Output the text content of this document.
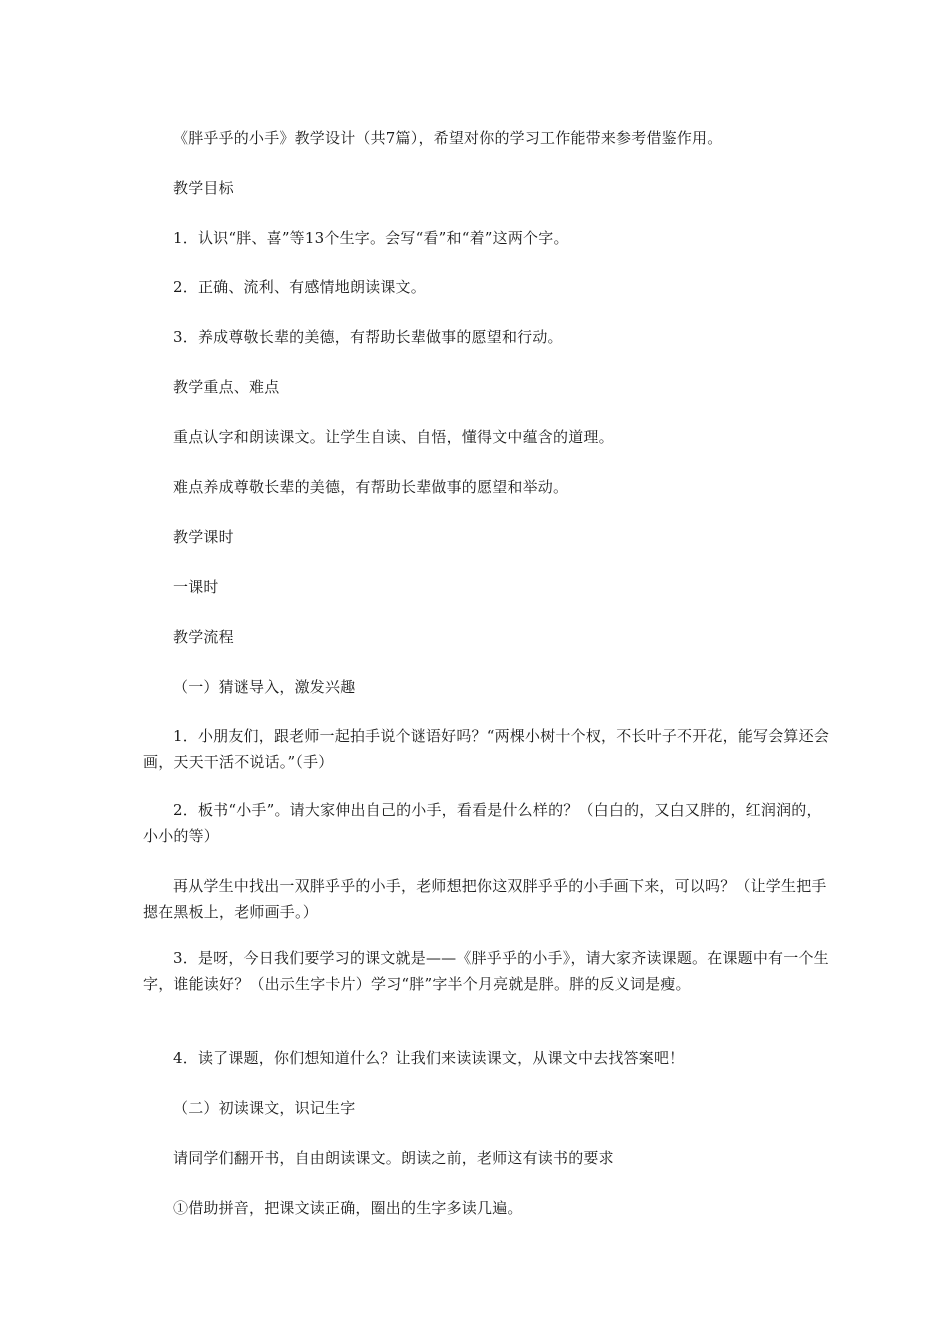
《胖乎乎的小手》教学设计（共7篇），希望对你的学习工作能带来参考借鉴作用。

教学目标

1．认识“胖、喜”等13个生字。会写“看”和“着”这两个字。

2．正确、流利、有感情地朗读课文。

3．养成尊敬长辈的美德，有帮助长辈做事的愿望和行动。

教学重点、难点

重点认字和朗读课文。让学生自读、自悟，懂得文中蕴含的道理。

难点养成尊敬长辈的美德，有帮助长辈做事的愿望和举动。

教学课时

一课时

教学流程

（一）猜谜导入，激发兴趣

1．小朋友们，跟老师一起拍手说个谜语好吗？“两棵小树十个杈，不长叶子不开花，能写会算还会画，天天干活不说话。”（手）

2．板书“小手”。请大家伸出自己的小手，看看是什么样的？（白白的，又白又胖的，红润润的，小小的等）

再从学生中找出一双胖乎乎的小手，老师想把你这双胖乎乎的小手画下来，可以吗？（让学生把手摁在黑板上，老师画手。）

3．是呀，今日我们要学习的课文就是——《胖乎乎的小手》，请大家齐读课题。在课题中有一个生字，谁能读好？（出示生字卡片）学习“胖”字半个月亮就是胖。胖的反义词是瘦。

4．读了课题，你们想知道什么？让我们来读读课文，从课文中去找答案吧！

（二）初读课文，识记生字

请同学们翻开书，自由朗读课文。朗读之前，老师这有读书的要求

①借助拼音，把课文读正确，圈出的生字多读几遍。
